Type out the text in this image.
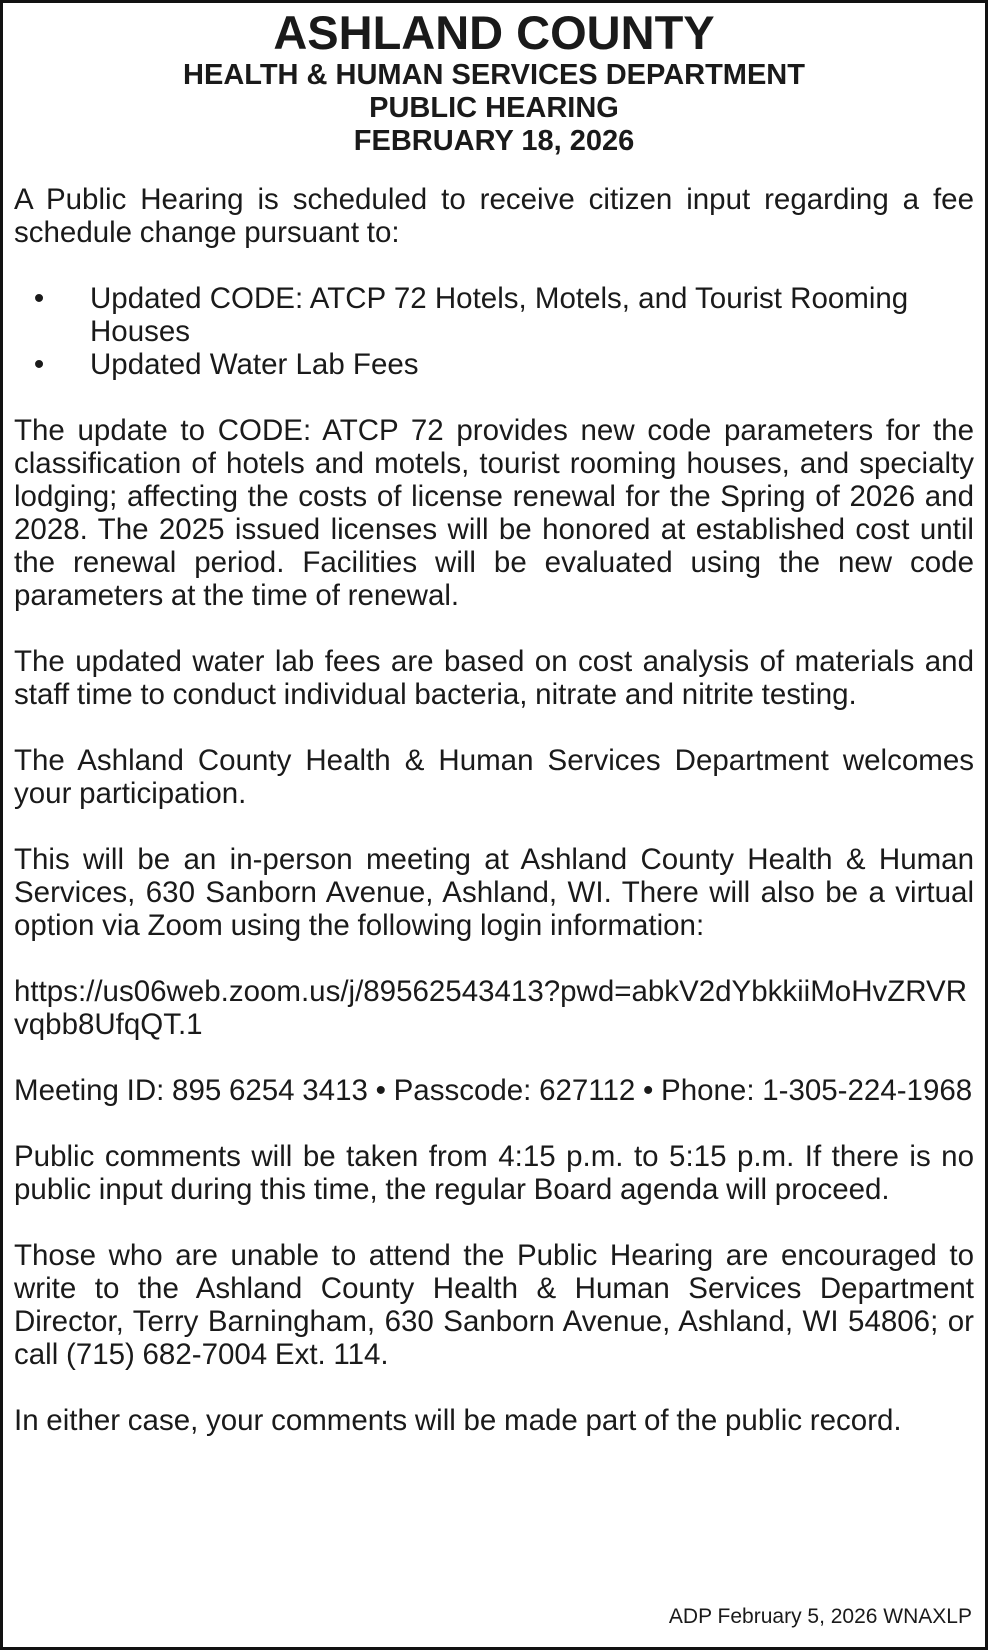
ASHLAND COUNTY
HEALTH & HUMAN SERVICES DEPARTMENT
PUBLIC HEARING
FEBRUARY 18, 2026

A Public Hearing is scheduled to receive citizen input regarding a fee schedule change pursuant to:

•	Updated CODE: ATCP 72 Hotels, Motels, and Tourist Rooming Houses
•	Updated Water Lab Fees

The update to CODE: ATCP 72 provides new code parameters for the classification of hotels and motels, tourist rooming houses, and specialty lodging; affecting the costs of license renewal for the Spring of 2026 and 2028. The 2025 issued licenses will be honored at established cost until the renewal period. Facilities will be evaluated using the new code parameters at the time of renewal.

The updated water lab fees are based on cost analysis of materials and staff time to conduct individual bacteria, nitrate and nitrite testing.

The Ashland County Health & Human Services Department welcomes your participation.

This will be an in-person meeting at Ashland County Health & Human Services, 630 Sanborn Avenue, Ashland, WI. There will also be a virtual option via Zoom using the following login information:

https://us06web.zoom.us/j/89562543413?pwd=abkV2dYbkkiiMoHvZRVRvqbb8UfqQT.1

Meeting ID: 895 6254 3413 • Passcode: 627112 • Phone: 1-305-224-1968

Public comments will be taken from 4:15 p.m. to 5:15 p.m. If there is no public input during this time, the regular Board agenda will proceed.

Those who are unable to attend the Public Hearing are encouraged to write to the Ashland County Health & Human Services Department Director, Terry Barningham, 630 Sanborn Avenue, Ashland, WI 54806; or call (715) 682-7004 Ext. 114.

In either case, your comments will be made part of the public record.

ADP February 5, 2026 WNAXLP
